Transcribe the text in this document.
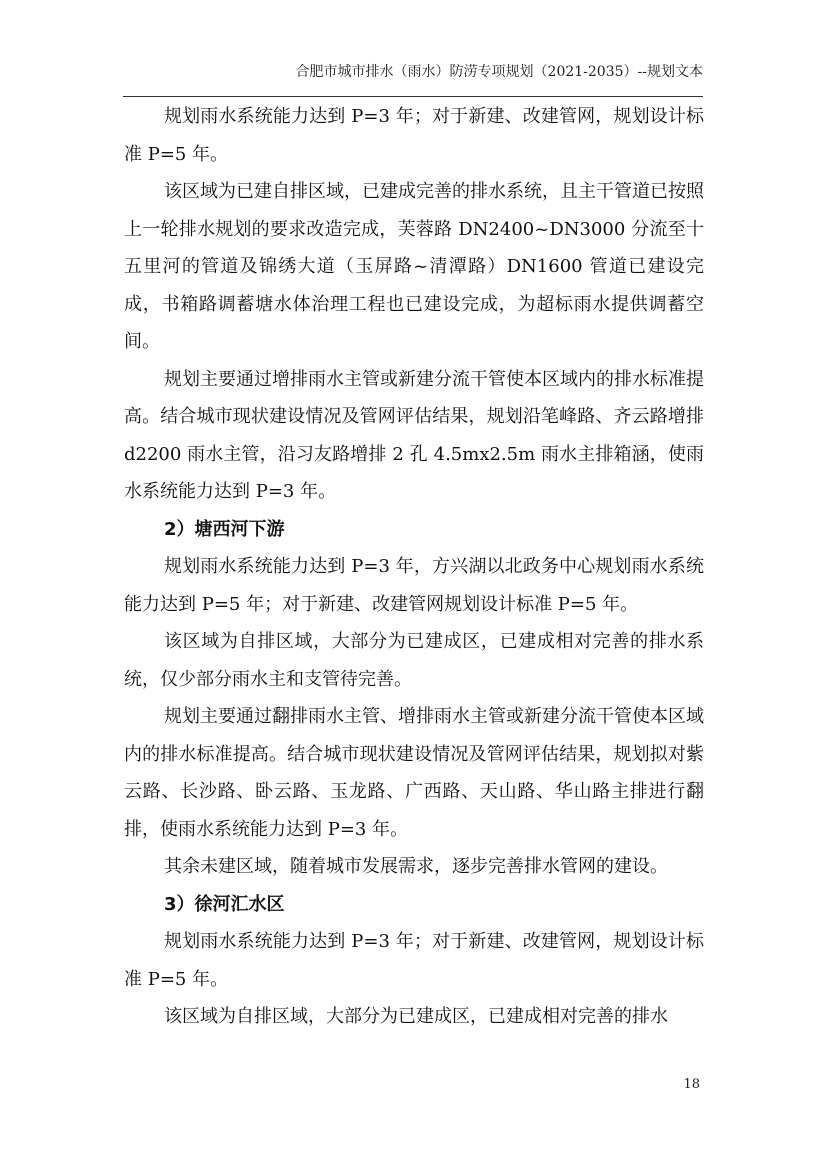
合肥市城市排水（雨水）防涝专项规划（2021-2035）--规划文本

规划雨水系统能力达到 P=3 年；对于新建、改建管网，规划设计标准 P=5 年。

该区域为已建自排区域，已建成完善的排水系统，且主干管道已按照上一轮排水规划的要求改造完成，芙蓉路 DN2400~DN3000 分流至十五里河的管道及锦绣大道（玉屏路~清潭路）DN1600 管道已建设完成，书箱路调蓄塘水体治理工程也已建设完成，为超标雨水提供调蓄空间。

规划主要通过增排雨水主管或新建分流干管使本区域内的排水标准提高。结合城市现状建设情况及管网评估结果，规划沿笔峰路、齐云路增排 d2200 雨水主管，沿习友路增排 2 孔 4.5mx2.5m 雨水主排箱涵，使雨水系统能力达到 P=3 年。

2）塘西河下游

规划雨水系统能力达到 P=3 年，方兴湖以北政务中心规划雨水系统能力达到 P=5 年；对于新建、改建管网规划设计标准 P=5 年。

该区域为自排区域，大部分为已建成区，已建成相对完善的排水系统，仅少部分雨水主和支管待完善。

规划主要通过翻排雨水主管、增排雨水主管或新建分流干管使本区域内的排水标准提高。结合城市现状建设情况及管网评估结果，规划拟对紫云路、长沙路、卧云路、玉龙路、广西路、天山路、华山路主排进行翻排，使雨水系统能力达到 P=3 年。

其余未建区域，随着城市发展需求，逐步完善排水管网的建设。

3）徐河汇水区

规划雨水系统能力达到 P=3 年；对于新建、改建管网，规划设计标准 P=5 年。

该区域为自排区域，大部分为已建成区，已建成相对完善的排水

18
